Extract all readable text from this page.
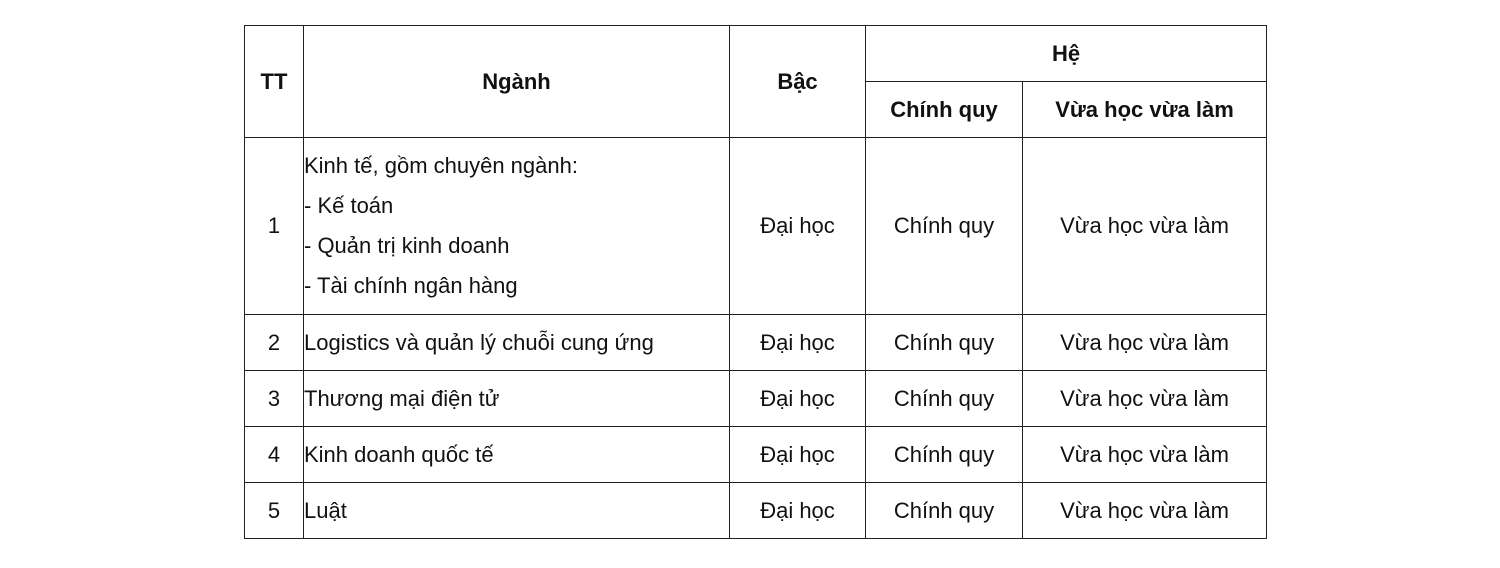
TT	Ngành	Bậc	Hệ	
			Chính quy	Vừa học vừa làm
1	Kinh tế, gồm chuyên ngành:
- Kế toán
- Quản trị kinh doanh
- Tài chính ngân hàng	Đại học	Chính quy	Vừa học vừa làm
2	Logistics và quản lý chuỗi cung ứng	Đại học	Chính quy	Vừa học vừa làm
3	Thương mại điện tử	Đại học	Chính quy	Vừa học vừa làm
4	Kinh doanh quốc tế	Đại học	Chính quy	Vừa học vừa làm
5	Luật	Đại học	Chính quy	Vừa học vừa làm
